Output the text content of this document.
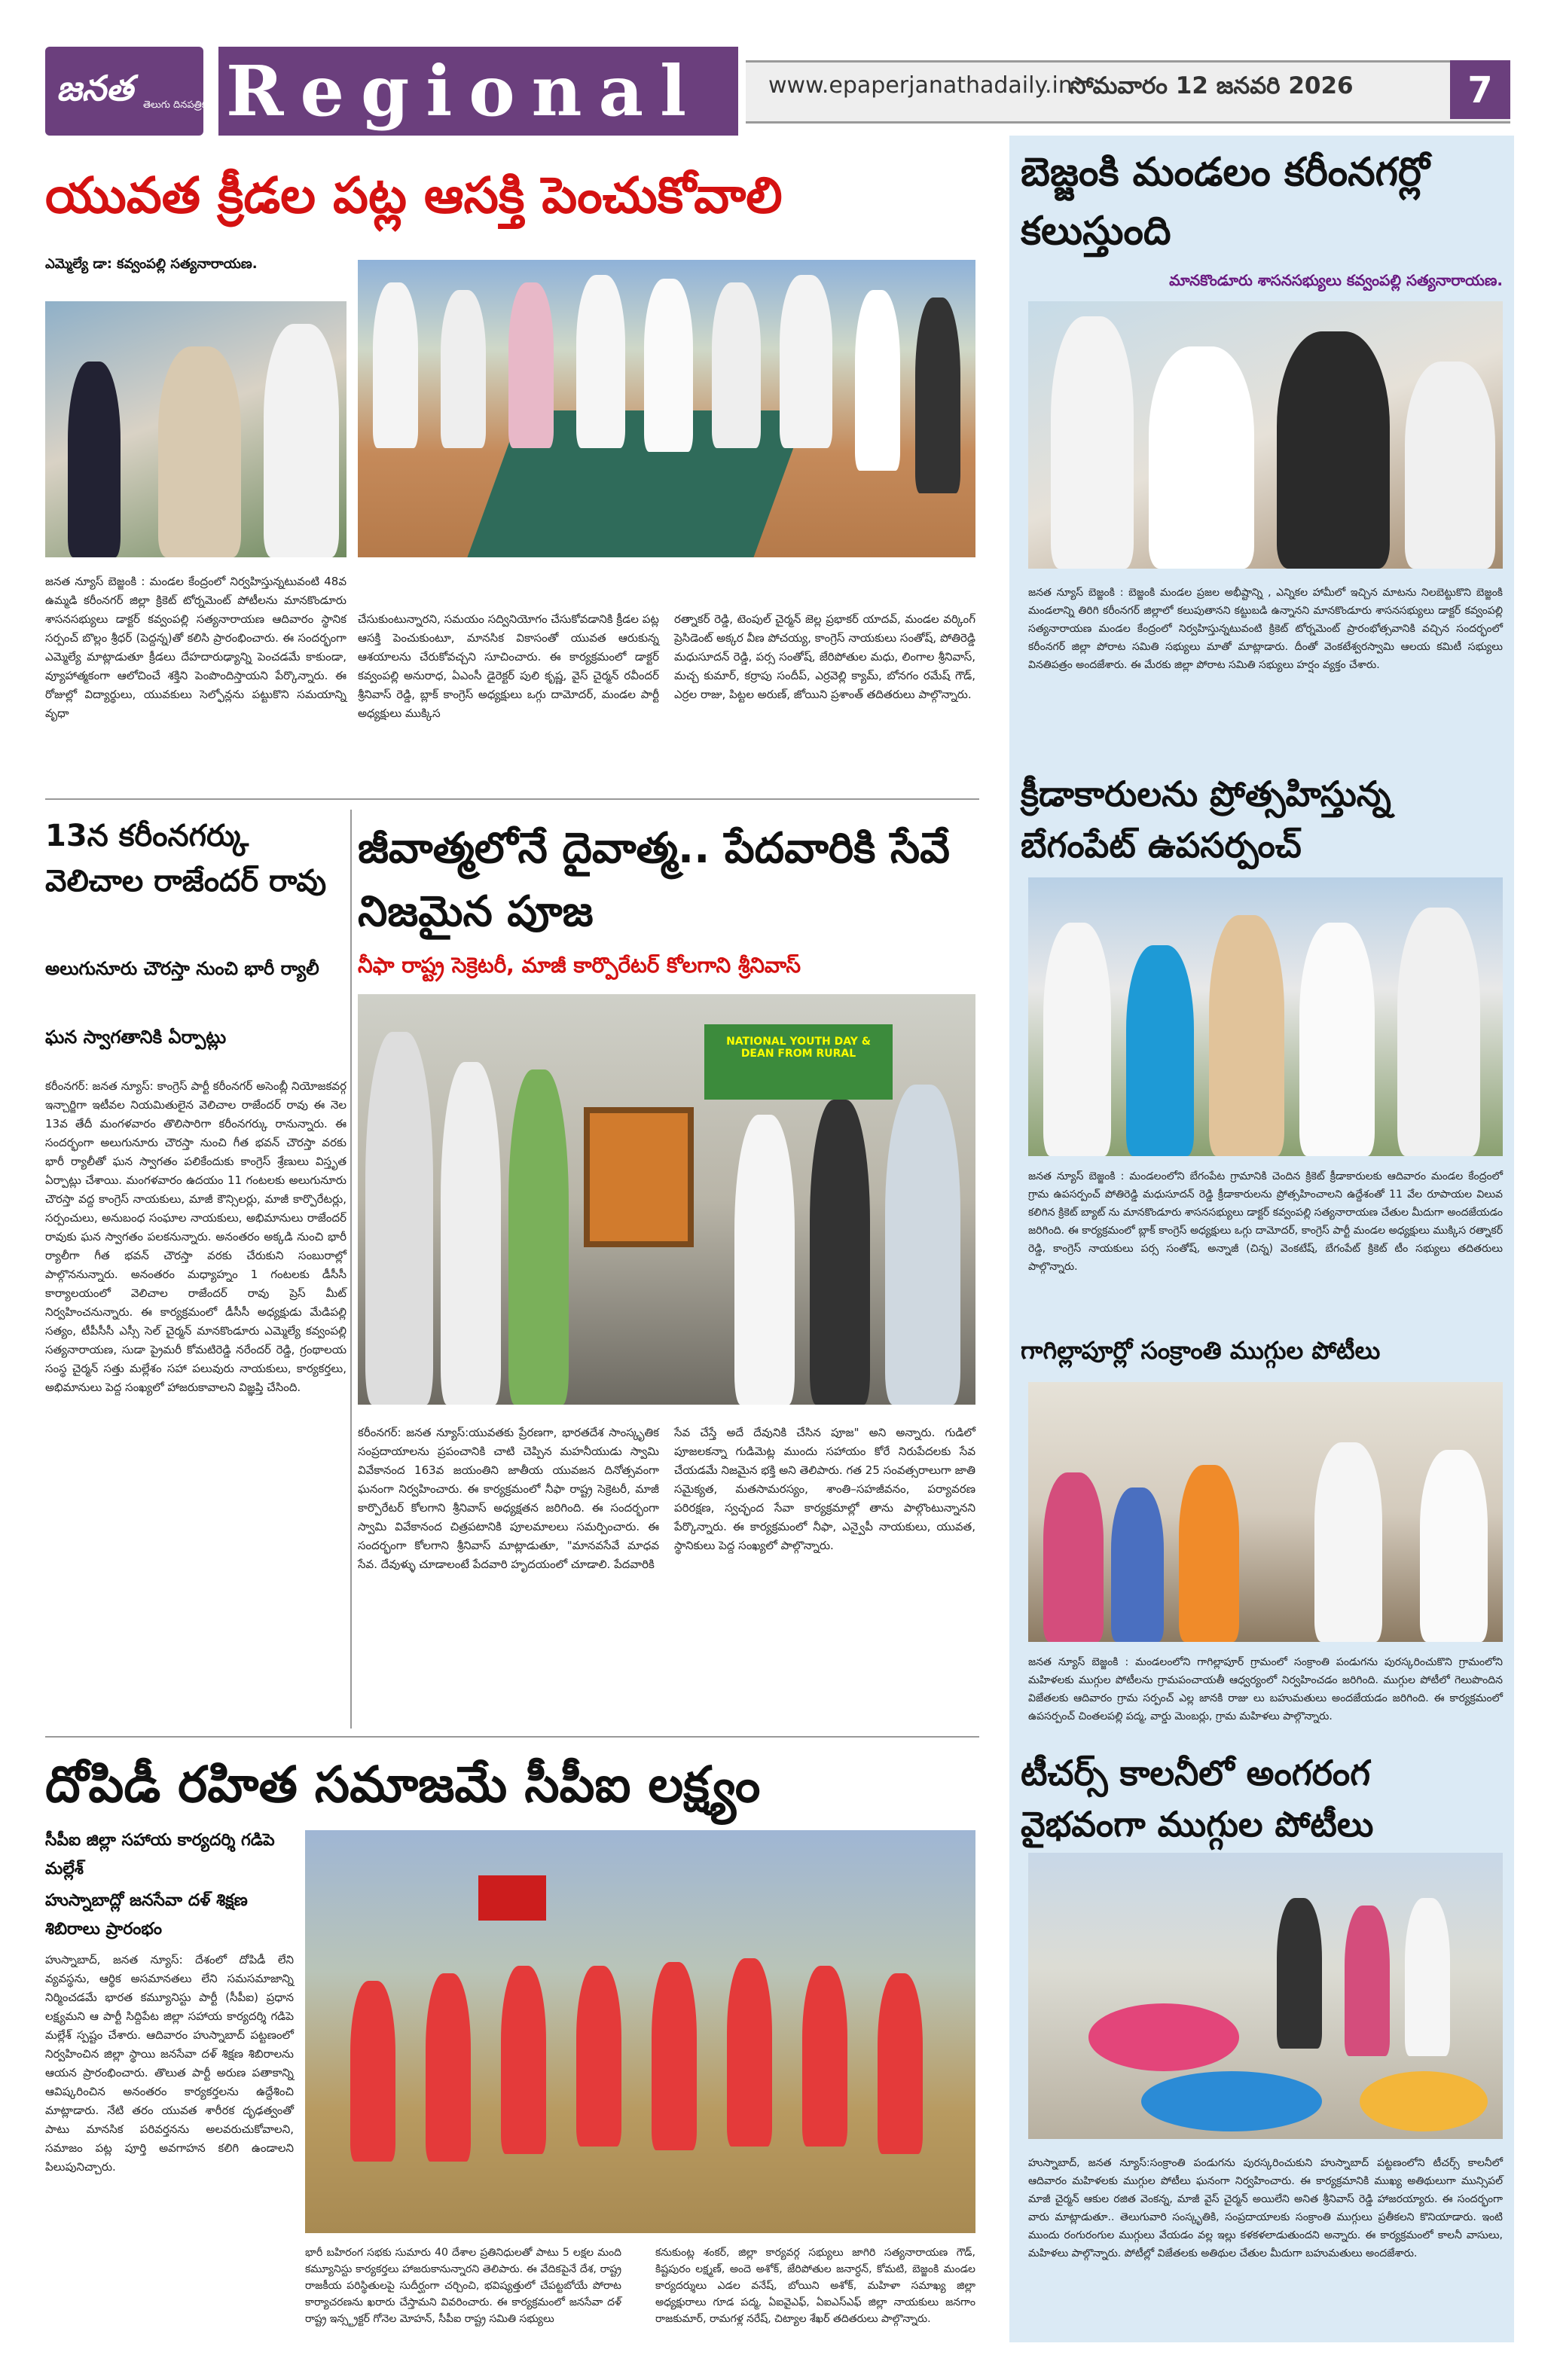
జనత తెలుగు దినపత్రిక Regional	www.epaperjanathadaily.in
సోమవారం 12 జనవరి 2026	7
యువత క్రీడల పట్ల ఆసక్తి పెంచుకోవాలి
ఎమ్మెల్యే డా: కవ్వంపల్లి సత్యనారాయణ.
జనత న్యూస్ బెజ్జంకి : మండల కేంద్రంలో నిర్వహిస్తున్నటువంటి 48వ ఉమ్మడి కరీంనగర్ జిల్లా క్రికెట్ టోర్నమెంట్ పోటీలను మానకొండూరు శాసనసభ్యులు డాక్టర్ కవ్వంపల్లి సత్యనారాయణ ఆదివారం స్థానిక సర్పంచ్ బొల్లం శ్రీధర్ (పెద్దన్న)తో కలిసి ప్రారంభించారు. ఈ సందర్భంగా ఎమ్మెల్యే మాట్లాడుతూ క్రీడలు దేహదారుఢ్యాన్ని పెంచడమే కాకుండా, వ్యూహాత్మకంగా ఆలోచించే శక్తిని పెంపొందిస్తాయని పేర్కొన్నారు. ఈ రోజుల్లో విద్యార్థులు, యువకులు సెల్ఫోన్లను పట్టుకొని సమయాన్ని వృధా
చేసుకుంటున్నారని, సమయం సద్వినియోగం చేసుకోవడానికి క్రీడల పట్ల ఆసక్తి పెంచుకుంటూ, మానసిక వికాసంతో యువత ఆరుకున్న ఆశయాలను చేరుకోవచ్చని సూచించారు. ఈ కార్యక్రమంలో డాక్టర్ కవ్వంపల్లి అనురాధ, ఏఎంసీ డైరెక్టర్ పులి కృష్ణ, వైస్ చైర్మన్ రవీందర్ శ్రీనివాస్ రెడ్డి, బ్లాక్ కాంగ్రెస్ అధ్యక్షులు ఒగ్గు దామోదర్, మండల పార్టీ అధ్యక్షులు ముక్కిస
రత్నాకర్ రెడ్డి, టెంపుల్ చైర్మన్ జెల్ల ప్రభాకర్ యాదవ్, మండల వర్కింగ్ ప్రెసిడెంట్ అక్కర వీణ పోచయ్య, కాంగ్రెస్ నాయకులు సంతోష్, పోతిరెడ్డి మధుసూదన్ రెడ్డి, పర్స సంతోష్, జేరిపోతుల మధు, లింగాల శ్రీనివాస్, మచ్చ కుమార్, కర్రాపు సందీప్, ఎర్రవెల్లి క్యామ్, బోనగం రమేష్ గౌడ్, ఎర్రల రాజు, పిట్టల అరుణ్, జోయిని ప్రశాంత్ తదితరులు పాల్గొన్నారు.
13న కరీంనగర్కు వెలిచాల రాజేందర్ రావు
అలుగునూరు చౌరస్తా నుంచి భారీ ర్యాలీ
ఘన స్వాగతానికి ఏర్పాట్లు
కరీంనగర్: జనత న్యూస్: కాంగ్రెస్ పార్టీ కరీంనగర్ అసెంబ్లీ నియోజకవర్గ ఇన్చార్జిగా ఇటీవల నియమితులైన వెలిచాల రాజేందర్ రావు ఈ నెల 13వ తేదీ మంగళవారం తొలిసారిగా కరీంనగర్కు రానున్నారు. ఈ సందర్భంగా అలుగునూరు చౌరస్తా నుంచి గీత భవన్ చౌరస్తా వరకు భారీ ర్యాలీతో ఘన స్వాగతం పలికేందుకు కాంగ్రెస్ శ్రేణులు విస్తృత ఏర్పాట్లు చేశాయి. మంగళవారం ఉదయం 11 గంటలకు అలుగునూరు చౌరస్తా వద్ద కాంగ్రెస్ నాయకులు, మాజీ కౌన్సిలర్లు, మాజీ కార్పొరేటర్లు, సర్పంచులు, అనుబంధ సంఘాల నాయకులు, అభిమానులు రాజేందర్ రావుకు ఘన స్వాగతం పలకనున్నారు. అనంతరం అక్కడి నుంచి భారీ ర్యాలీగా గీత భవన్ చౌరస్తా వరకు చేరుకుని సంబురాల్లో పాల్గొననున్నారు. అనంతరం మధ్యాహ్నం 1 గంటలకు డీసీసీ కార్యాలయంలో వెలిచాల రాజేందర్ రావు ప్రెస్ మీట్ నిర్వహించనున్నారు. ఈ కార్యక్రమంలో డీసీసీ అధ్యక్షుడు మేడిపల్లి సత్యం, టీపీసీసీ ఎస్సీ సెల్ చైర్మన్ మానకొండూరు ఎమ్మెల్యే కవ్వంపల్లి సత్యనారాయణ, సుడా ప్రైమరీ కోమటిరెడ్డి నరేందర్ రెడ్డి, గ్రంథాలయ సంస్థ చైర్మన్ సత్తు మల్లేశం సహా పలువురు నాయకులు, కార్యకర్తలు, అభిమానులు పెద్ద సంఖ్యలో హాజరుకావాలని విజ్ఞప్తి చేసింది.
జీవాత్మలోనే దైవాత్మ.. పేదవారికి సేవే నిజమైన పూజ
నీఫా రాష్ట్ర సెక్రెటరీ, మాజీ కార్పొరేటర్ కోలగాని శ్రీనివాస్
NATIONAL YOUTH DAY & DEAN FROM RURAL
కరీంనగర్: జనత న్యూస్:యువతకు ప్రేరణగా, భారతదేశ సాంస్కృతిక సంప్రదాయాలను ప్రపంచానికి చాటి చెప్పిన మహనీయుడు స్వామి వివేకానంద 163వ జయంతిని జాతీయ యువజన దినోత్సవంగా ఘనంగా నిర్వహించారు. ఈ కార్యక్రమంలో నీఫా రాష్ట్ర సెక్రెటరీ, మాజీ కార్పొరేటర్ కోలగాని శ్రీనివాస్ అధ్యక్షతన జరిగింది. ఈ సందర్భంగా స్వామి వివేకానంద చిత్రపటానికి పూలమాలలు సమర్పించారు. ఈ సందర్భంగా కోలగాని శ్రీనివాస్ మాట్లాడుతూ, "మానవసేవే మాధవ సేవ. దేవుళ్ళు చూడాలంటే పేదవారి హృదయంలో చూడాలి. పేదవారికి
సేవ చేస్తే అదే దేవునికి చేసిన పూజ" అని అన్నారు. గుడిలో పూజలకన్నా గుడిమెట్ల ముందు సహాయం కోరే నిరుపేదలకు సేవ చేయడమే నిజమైన భక్తి అని తెలిపారు. గత 25 సంవత్సరాలుగా జాతి సమైక్యత, మతసామరస్యం, శాంతి–సహజీవనం, పర్యావరణ పరిరక్షణ, స్వచ్ఛంద సేవా కార్యక్రమాల్లో తాను పాల్గొంటున్నానని పేర్కొన్నారు. ఈ కార్యక్రమంలో నీఫా, ఎన్వైపీ నాయకులు, యువత, స్థానికులు పెద్ద సంఖ్యలో పాల్గొన్నారు.
దోపిడీ రహిత సమాజమే సీపీఐ లక్ష్యం
సీపీఐ జిల్లా సహాయ కార్యదర్శి గడిపె మల్లేశ్
హుస్నాబాద్లో జనసేవా దళ్ శిక్షణ శిబిరాలు ప్రారంభం
హుస్నాబాద్, జనత న్యూస్: దేశంలో దోపిడీ లేని వ్యవస్థను, ఆర్థిక అసమానతలు లేని సమసమాజాన్ని నిర్మించడమే భారత కమ్యూనిస్టు పార్టీ (సీపీఐ) ప్రధాన లక్ష్యమని ఆ పార్టీ సిద్దిపేట జిల్లా సహాయ కార్యదర్శి గడిపె మల్లేశ్ స్పష్టం చేశారు. ఆదివారం హుస్నాబాద్ పట్టణంలో నిర్వహించిన జిల్లా స్థాయి జనసేవా దళ్ శిక్షణ శిబిరాలను ఆయన ప్రారంభించారు. తొలుత పార్టీ అరుణ పతాకాన్ని ఆవిష్కరించిన అనంతరం కార్యకర్తలను ఉద్దేశించి మాట్లాడారు. నేటి తరం యువత శారీరక దృఢత్వంతో పాటు మానసిక పరివర్తనను అలవరుచుకోవాలని, సమాజం పట్ల పూర్తి అవగాహన కలిగి ఉండాలని పిలుపునిచ్చారు.
భారీ బహిరంగ సభకు సుమారు 40 దేశాల ప్రతినిధులతో పాటు 5 లక్షల మంది కమ్యూనిస్టు కార్యకర్తలు హాజరుకానున్నారని తెలిపారు. ఈ వేదికపైనే దేశ, రాష్ట్ర రాజకీయ పరిస్థితులపై సుదీర్ఘంగా చర్చించి, భవిష్యత్తులో చేపట్టబోయే పోరాట కార్యాచరణను ఖరారు చేస్తామని వివరించారు. ఈ కార్యక్రమంలో జనసేవా దళ్ రాష్ట్ర ఇన్స్ట్రక్టర్ గోనెల మోహన్, సీపీఐ రాష్ట్ర సమితి సభ్యులు
కనుకుంట్ల శంకర్, జిల్లా కార్యవర్గ సభ్యులు జాగిరి సత్యనారాయణ గౌడ్, కిష్టపురం లక్ష్మణ్, అందె అశోక్, జేరిపోతుల జనార్ధన్, కోమటి, బెజ్జంకి మండల కార్యదర్శులు ఎడల వనేష్, బోయిని అశోక్, మహిళా సమాఖ్య జిల్లా అధ్యక్షురాలు గూడ పద్మ, ఏఐవైఎఫ్, ఏఐఎస్ఎఫ్ జిల్లా నాయకులు జనగాం రాజకుమార్, రామగళ్ల నరేష్, చిట్యాల శేఖర్ తదితరులు పాల్గొన్నారు.
బెజ్జంకి మండలం కరీంనగర్లో కలుస్తుంది
మానకొండూరు శాసనసభ్యులు కవ్వంపల్లి సత్యనారాయణ.
జనత న్యూస్ బెజ్జంకి : బెజ్జంకి మండల ప్రజల అభీష్టాన్ని , ఎన్నికల హామీలో ఇచ్చిన మాటను నిలబెట్టుకొని బెజ్జంకి మండలాన్ని తిరిగి కరీంనగర్ జిల్లాలో కలుపుతానని కట్టుబడి ఉన్నానని మానకొండూరు శాసనసభ్యులు డాక్టర్ కవ్వంపల్లి సత్యనారాయణ మండల కేంద్రంలో నిర్వహిస్తున్నటువంటి క్రికెట్ టోర్నమెంట్ ప్రారంభోత్సవానికి వచ్చిన సందర్భంలో కరీంనగర్ జిల్లా పోరాట సమితి సభ్యులు మాతో మాట్లాడారు. దీంతో వెంకటేశ్వరస్వామి ఆలయ కమిటీ సభ్యులు వినతిపత్రం అందజేశారు. ఈ మేరకు జిల్లా పోరాట సమితి సభ్యులు హర్షం వ్యక్తం చేశారు.
క్రీడాకారులను ప్రోత్సహిస్తున్న బేగంపేట్ ఉపసర్పంచ్
జనత న్యూస్ బెజ్జంకి : మండలంలోని బేగంపేట గ్రామానికి చెందిన క్రికెట్ క్రీడాకారులకు ఆదివారం మండల కేంద్రంలో గ్రామ ఉపసర్పంచ్ పోతిరెడ్డి మధుసూదన్ రెడ్డి క్రీడాకారులను ప్రోత్సహించాలని ఉద్దేశంతో 11 వేల రూపాయల విలువ కలిగిన క్రికెట్ బ్యాట్ ను మానకొండూరు శాసనసభ్యులు డాక్టర్ కవ్వంపల్లి సత్యనారాయణ చేతుల మీదుగా అందజేయడం జరిగింది. ఈ కార్యక్రమంలో బ్లాక్ కాంగ్రెస్ అధ్యక్షులు ఒగ్గు దామోదర్, కాంగ్రెస్ పార్టీ మండల అధ్యక్షులు ముక్కిస రత్నాకర్ రెడ్డి, కాంగ్రెస్ నాయకులు పర్స సంతోష్, అన్నాజీ (చిన్న) వెంకటేష్, బేగంపేట్ క్రికెట్ టీం సభ్యులు తదితరులు పాల్గొన్నారు.
గాగిల్లాపూర్లో సంక్రాంతి ముగ్గుల పోటీలు
జనత న్యూస్ బెజ్జంకి : మండలంలోని గాగిల్లాపూర్ గ్రామంలో సంక్రాంతి పండుగను పురస్కరించుకొని గ్రామంలోని మహిళలకు ముగ్గుల పోటీలను గ్రామపంచాయతీ ఆధ్వర్యంలో నిర్వహించడం జరిగింది. ముగ్గుల పోటీలో గెలుపొందిన విజేతలకు ఆదివారం గ్రామ సర్పంచ్ ఎల్ల జానకి రాజు లు బహుమతులు అందజేయడం జరిగింది. ఈ కార్యక్రమంలో ఉపసర్పంచ్ చింతలపల్లి పద్మ, వార్డు మెంబర్లు, గ్రామ మహిళలు పాల్గొన్నారు.
టీచర్స్ కాలనీలో అంగరంగ వైభవంగా ముగ్గుల పోటీలు
హుస్నాబాద్, జనత న్యూస్:సంక్రాంతి పండుగను పురస్కరించుకుని హుస్నాబాద్ పట్టణంలోని టీచర్స్ కాలనీలో ఆదివారం మహిళలకు ముగ్గుల పోటీలు ఘనంగా నిర్వహించారు. ఈ కార్యక్రమానికి ముఖ్య అతిథులుగా మున్సిపల్ మాజీ చైర్మన్ ఆకుల రజిత వెంకన్న, మాజీ వైస్ చైర్మన్ అయిలేని అనిత శ్రీనివాస్ రెడ్డి హాజరయ్యారు. ఈ సందర్భంగా వారు మాట్లాడుతూ.. తెలుగువారి సంస్కృతికి, సంప్రదాయాలకు సంక్రాంతి ముగ్గులు ప్రతీకలని కొనియాడారు. ఇంటి ముందు రంగురంగుల ముగ్గులు వేయడం వల్ల ఇల్లు కళకళలాడుతుందని అన్నారు. ఈ కార్యక్రమంలో కాలనీ వాసులు, మహిళలు పాల్గొన్నారు. పోటీల్లో విజేతలకు అతిథుల చేతుల మీదుగా బహుమతులు అందజేశారు.
